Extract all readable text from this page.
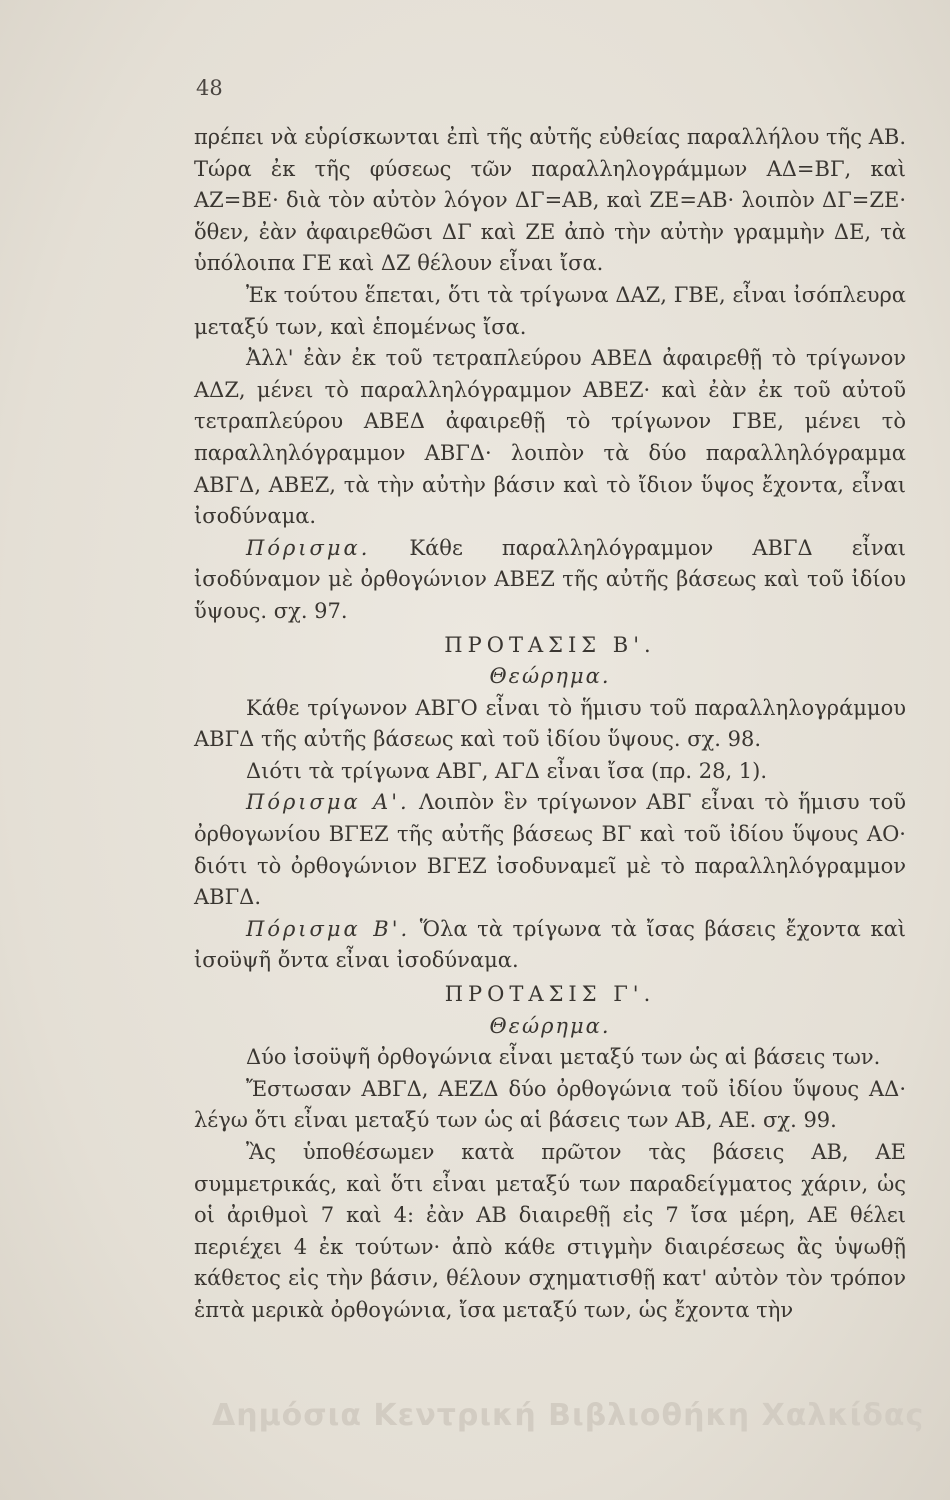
48

πρέπει νὰ εὑρίσκωνται ἐπὶ τῆς αὐτῆς εὐθείας παραλλήλου τῆς ΑΒ. Τώρα ἐκ τῆς φύσεως τῶν παραλληλογράμμων ΑΔ=ΒΓ, καὶ ΑΖ=ΒΕ· διὰ τὸν αὐτὸν λόγον ΔΓ=ΑΒ, καὶ ΖΕ=ΑΒ· λοιπὸν ΔΓ=ΖΕ· ὅθεν, ἐὰν ἀφαιρεθῶσι ΔΓ καὶ ΖΕ ἀπὸ τὴν αὐτὴν γραμμὴν ΔΕ, τὰ ὑπόλοιπα ΓΕ καὶ ΔΖ θέλουν εἶναι ἴσα.

Ἐκ τούτου ἕπεται, ὅτι τὰ τρίγωνα ΔΑΖ, ΓΒΕ, εἶναι ἰσόπλευρα μεταξύ των, καὶ ἑπομένως ἴσα.

Ἀλλ' ἐὰν ἐκ τοῦ τετραπλεύρου ΑΒΕΔ ἀφαιρεθῇ τὸ τρίγωνον ΑΔΖ, μένει τὸ παραλληλόγραμμον ΑΒΕΖ· καὶ ἐὰν ἐκ τοῦ αὐτοῦ τετραπλεύρου ΑΒΕΔ ἀφαιρεθῇ τὸ τρίγωνον ΓΒΕ, μένει τὸ παραλληλόγραμμον ΑΒΓΔ· λοιπὸν τὰ δύο παραλληλόγραμμα ΑΒΓΔ, ΑΒΕΖ, τὰ τὴν αὐτὴν βάσιν καὶ τὸ ἴδιον ὕψος ἔχοντα, εἶναι ἰσοδύναμα.

Πόρισμα. Κάθε παραλληλόγραμμον ΑΒΓΔ εἶναι ἰσοδύναμον μὲ ὀρθογώνιον ΑΒΕΖ τῆς αὐτῆς βάσεως καὶ τοῦ ἰδίου ὕψους. σχ. 97.

ΠΡΟΤΑΣΙΣ Β'.
Θεώρημα.

Κάθε τρίγωνον ΑΒΓΟ εἶναι τὸ ἥμισυ τοῦ παραλληλογράμμου ΑΒΓΔ τῆς αὐτῆς βάσεως καὶ τοῦ ἰδίου ὕψους. σχ. 98.

Διότι τὰ τρίγωνα ΑΒΓ, ΑΓΔ εἶναι ἴσα (πρ. 28, 1).

Πόρισμα Α'. Λοιπὸν ἓν τρίγωνον ΑΒΓ εἶναι τὸ ἥμισυ τοῦ ὀρθογωνίου ΒΓΕΖ τῆς αὐτῆς βάσεως ΒΓ καὶ τοῦ ἰδίου ὕψους ΑΟ· διότι τὸ ὀρθογώνιον ΒΓΕΖ ἰσοδυναμεῖ μὲ τὸ παραλληλόγραμμον ΑΒΓΔ.

Πόρισμα Β'. Ὅλα τὰ τρίγωνα τὰ ἴσας βάσεις ἔχοντα καὶ ἰσοϋψῆ ὄντα εἶναι ἰσοδύναμα.

ΠΡΟΤΑΣΙΣ Γ'.
Θεώρημα.

Δύο ἰσοϋψῆ ὀρθογώνια εἶναι μεταξύ των ὡς αἱ βάσεις των.

Ἔστωσαν ΑΒΓΔ, ΑΕΖΔ δύο ὀρθογώνια τοῦ ἰδίου ὕψους ΑΔ· λέγω ὅτι εἶναι μεταξύ των ὡς αἱ βάσεις των ΑΒ, ΑΕ. σχ. 99.

Ἂς ὑποθέσωμεν κατὰ πρῶτον τὰς βάσεις ΑΒ, ΑΕ συμμετρικάς, καὶ ὅτι εἶναι μεταξύ των παραδείγματος χάριν, ὡς οἱ ἀριθμοὶ 7 καὶ 4: ἐὰν ΑΒ διαιρεθῇ εἰς 7 ἴσα μέρη, ΑΕ θέλει περιέχει 4 ἐκ τούτων· ἀπὸ κάθε στιγμὴν διαιρέσεως ἂς ὑψωθῇ κάθετος εἰς τὴν βάσιν, θέλουν σχηματισθῇ κατ' αὐτὸν τὸν τρόπον ἑπτὰ μερικὰ ὀρθογώνια, ἴσα μεταξύ των, ὡς ἔχοντα τὴν

Δημόσια Κεντρική Βιβλιοθήκη Χαλκίδας
